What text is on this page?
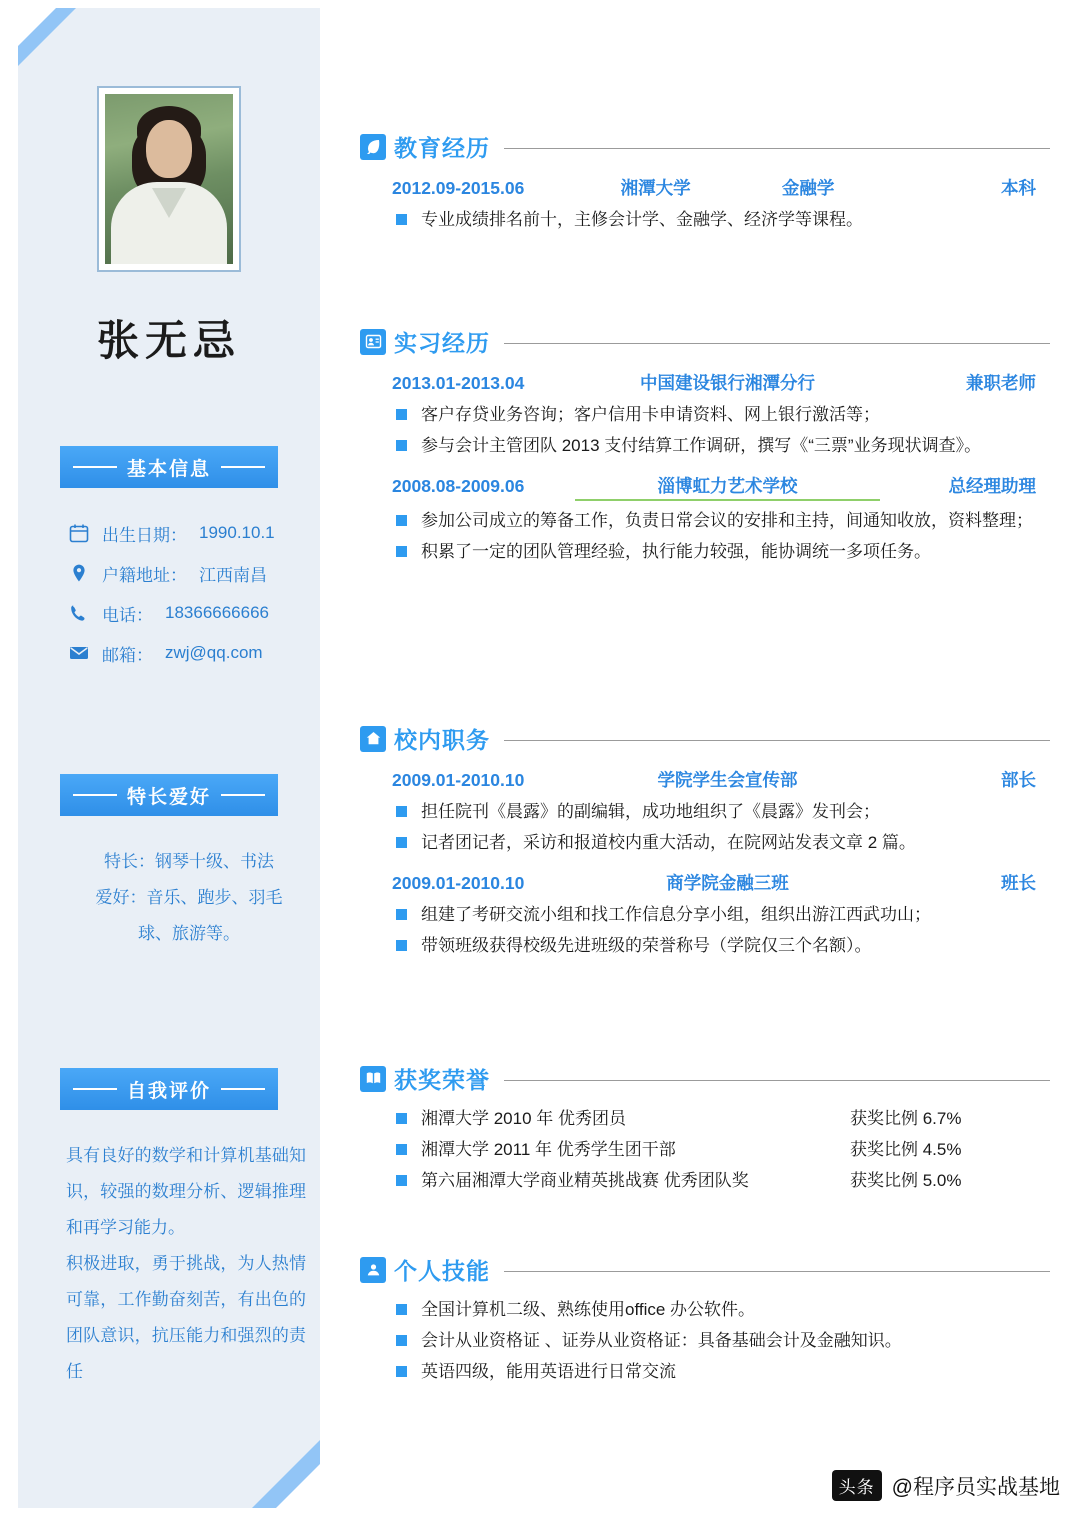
张无忌
基本信息
出生日期： 1990.10.1
户籍地址： 江西南昌
电话： 18366666666
邮箱： zwj@qq.com
特长爱好
特长：钢琴十级、书法
爱好：音乐、跑步、羽毛
球、旅游等。
自我评价

具有良好的数学和计算机基础知识，较强的数理分析、逻辑推理和再学习能力。

积极进取，勇于挑战，为人热情可靠，工作勤奋刻苦，有出色的团队意识，抗压能力和强烈的责任

教育经历
2012.09-2015.06	湘潭大学	金融学	本科
专业成绩排名前十，主修会计学、金融学、经济学等课程。
实习经历
2013.01-2013.04	中国建设银行湘潭分行	兼职老师
客户存贷业务咨询；客户信用卡申请资料、网上银行激活等；
参与会计主管团队 2013 支付结算工作调研，撰写《“三票”业务现状调查》。
2008.08-2009.06	淄博虹力艺术学校	总经理助理
参加公司成立的筹备工作，负责日常会议的安排和主持，间通知收放，资料整理；
积累了一定的团队管理经验，执行能力较强，能协调统一多项任务。
校内职务
2009.01-2010.10	学院学生会宣传部	部长
担任院刊《晨露》的副编辑，成功地组织了《晨露》发刊会；
记者团记者，采访和报道校内重大活动，在院网站发表文章 2 篇。
2009.01-2010.10	商学院金融三班	班长
组建了考研交流小组和找工作信息分享小组，组织出游江西武功山；
带领班级获得校级先进班级的荣誉称号（学院仅三个名额）。
获奖荣誉
湘潭大学 2010 年 优秀团员	获奖比例 6.7%
湘潭大学 2011 年 优秀学生团干部	获奖比例 4.5%
第六届湘潭大学商业精英挑战赛 优秀团队奖	获奖比例 5.0%
个人技能
全国计算机二级、熟练使用office 办公软件。
会计从业资格证 、证券从业资格证：具备基础会计及金融知识。
英语四级，能用英语进行日常交流
头条 @程序员实战基地
